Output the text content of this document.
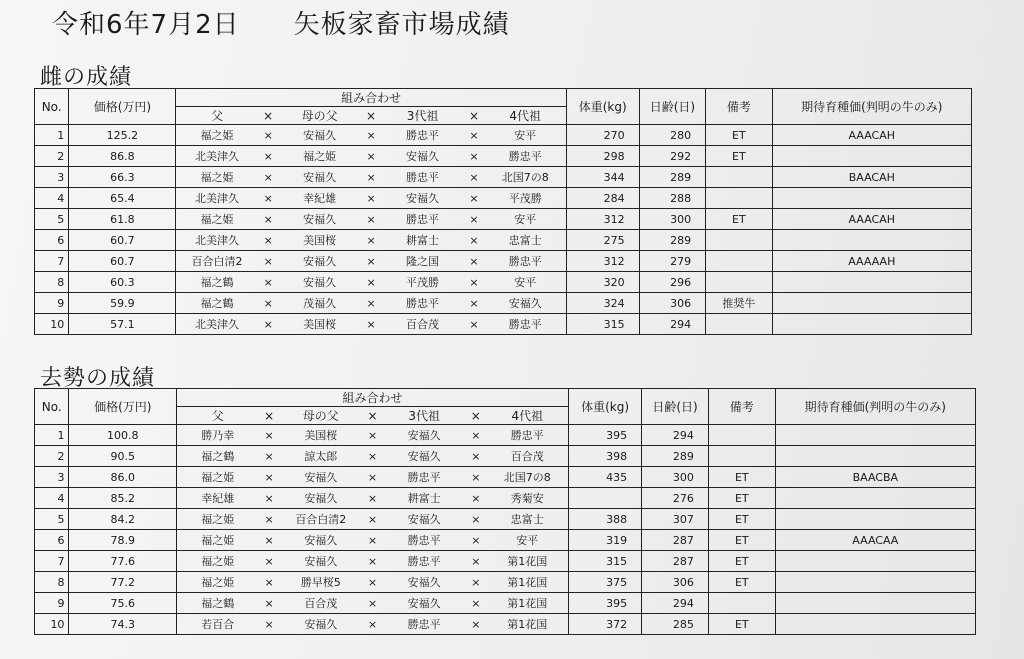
令和6年7月2日　　矢板家畜市場成績
雌の成績
No.	価格(万円)	組み合わせ							体重(kg)	日齢(日)	備考	期待育種価(判明の牛のみ)
		父	×	母の父	×	3代祖	×	4代祖				
1	125.2	福之姫	×	安福久	×	勝忠平	×	安平	270	280	ET	AAACAH
2	86.8	北美津久	×	福之姫	×	安福久	×	勝忠平	298	292	ET	
3	66.3	福之姫	×	安福久	×	勝忠平	×	北国7の8	344	289		BAACAH
4	65.4	北美津久	×	幸紀雄	×	安福久	×	平茂勝	284	288		
5	61.8	福之姫	×	安福久	×	勝忠平	×	安平	312	300	ET	AAACAH
6	60.7	北美津久	×	美国桜	×	耕富士	×	忠富士	275	289		
7	60.7	百合白清2	×	安福久	×	隆之国	×	勝忠平	312	279		AAAAAH
8	60.3	福之鶴	×	安福久	×	平茂勝	×	安平	320	296		
9	59.9	福之鶴	×	茂福久	×	勝忠平	×	安福久	324	306	推奨牛	
10	57.1	北美津久	×	美国桜	×	百合茂	×	勝忠平	315	294		
去勢の成績
No.	価格(万円)	組み合わせ							体重(kg)	日齢(日)	備考	期待育種価(判明の牛のみ)
		父	×	母の父	×	3代祖	×	4代祖				
1	100.8	勝乃幸	×	美国桜	×	安福久	×	勝忠平	395	294		
2	90.5	福之鶴	×	諒太郎	×	安福久	×	百合茂	398	289		
3	86.0	福之姫	×	安福久	×	勝忠平	×	北国7の8	435	300	ET	BAACBA
4	85.2	幸紀雄	×	安福久	×	耕富士	×	秀菊安		276	ET	
5	84.2	福之姫	×	百合白清2	×	安福久	×	忠富士	388	307	ET	
6	78.9	福之姫	×	安福久	×	勝忠平	×	安平	319	287	ET	AAACAA
7	77.6	福之姫	×	安福久	×	勝忠平	×	第1花国	315	287	ET	
8	77.2	福之姫	×	勝早桜5	×	安福久	×	第1花国	375	306	ET	
9	75.6	福之鶴	×	百合茂	×	安福久	×	第1花国	395	294		
10	74.3	若百合	×	安福久	×	勝忠平	×	第1花国	372	285	ET	
